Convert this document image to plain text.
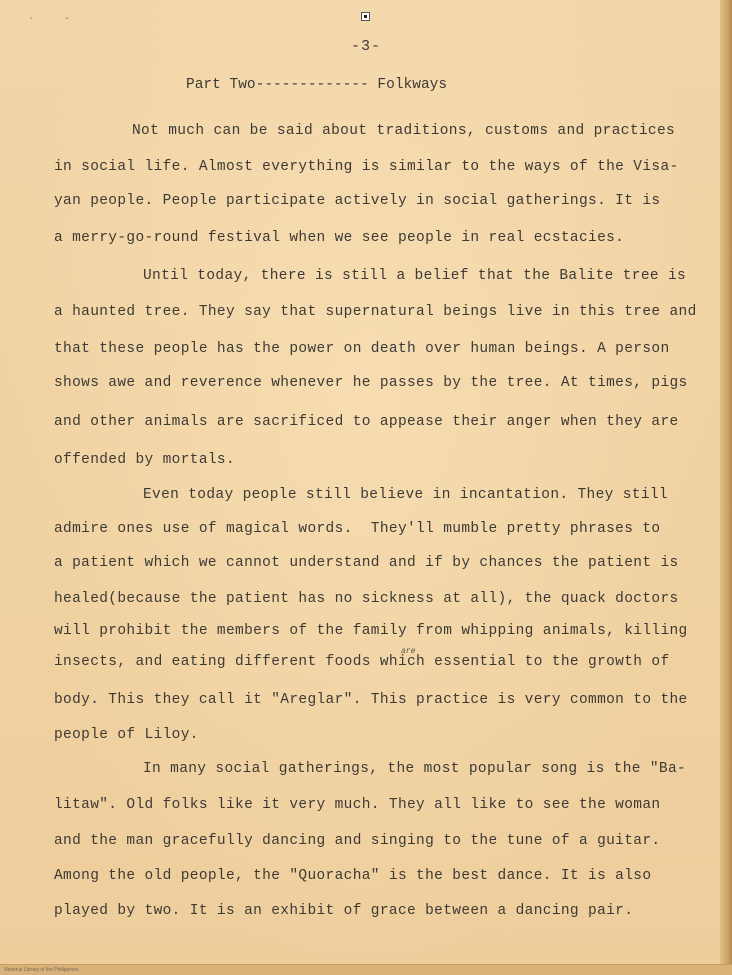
·	-
-3-
Part Two------------- Folkways
Not much can be said about traditions, customs and practices
in social life. Almost everything is similar to the ways of the Visa-
yan people. People participate actively in social gatherings. It is
a merry-go-round festival when we see people in real ecstacies.
Until today, there is still a belief that the Balite tree is
a haunted tree. They say that supernatural beings live in this tree and
that these people has the power on death over human beings. A person
shows awe and reverence whenever he passes by the tree. At times, pigs
and other animals are sacrificed to appease their anger when they are
offended by mortals.
Even today people still believe in incantation. They still
admire ones use of magical words.  They'll mumble pretty phrases to
a patient which we cannot understand and if by chances the patient is
healed(because the patient has no sickness at all), the quack doctors
will prohibit the members of the family from whipping animals, killing
are
insects, and eating different foods which essential to the growth of
body. This they call it "Areglar". This practice is very common to the
people of Liloy.
In many social gatherings, the most popular song is the "Ba-
litaw". Old folks like it very much. They all like to see the woman
and the man gracefully dancing and singing to the tune of a guitar.
Among the old people, the "Quoracha" is the best dance. It is also
played by two. It is an exhibit of grace between a dancing pair.
National Library of the Philippines
